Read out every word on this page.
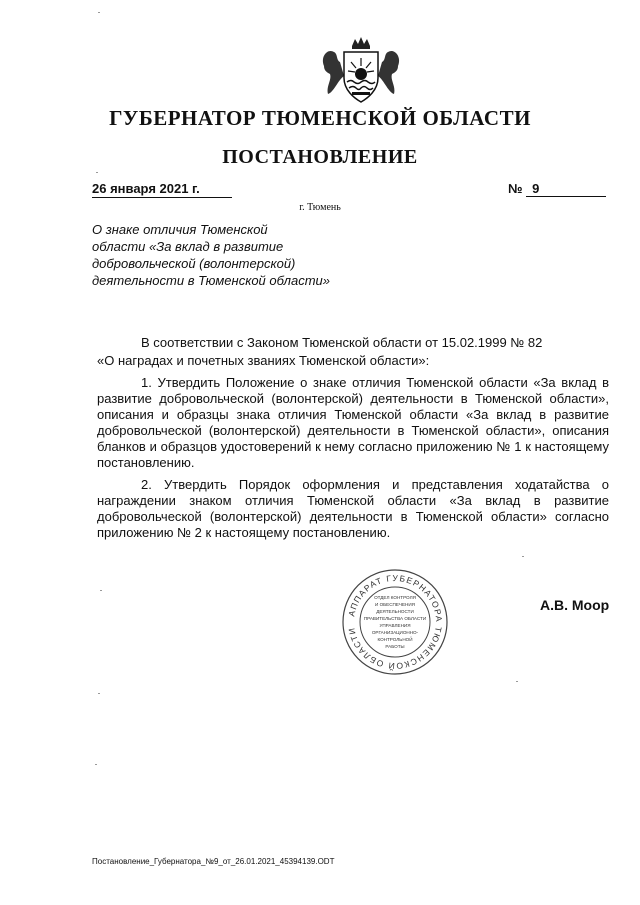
ГУБЕРНАТОР ТЮМЕНСКОЙ ОБЛАСТИ
ПОСТАНОВЛЕНИЕ
26 января 2021 г.	№ 9
г. Тюмень
О знаке отличия Тюменской
области «За вклад в развитие
добровольческой (волонтерской)
деятельности в Тюменской области»

В соответствии с Законом Тюменской области от 15.02.1999 № 82

«О наградах и почетных званиях Тюменской области»:

1. Утвердить Положение о знаке отличия Тюменской области «За вклад в развитие добровольческой (волонтерской) деятельности в Тюменской области», описания и образцы знака отличия Тюменской области «За вклад в развитие добровольческой (волонтерской) деятельности в Тюменской области», описания бланков и образцов удостоверений к нему согласно приложению № 1 к настоящему постановлению.

2. Утвердить Порядок оформления и представления ходатайства о награждении знаком отличия Тюменской области «За вклад в развитие добровольческой (волонтерской) деятельности в Тюменской области» согласно приложению № 2 к настоящему постановлению.

АППАРАТ ГУБЕРНАТОРА ТЮМЕНСКОЙ ОБЛАСТИ
ОТДЕЛ КОНТРОЛЯ
И ОБЕСПЕЧЕНИЯ
ДЕЯТЕЛЬНОСТИ
ПРАВИТЕЛЬСТВА ОБЛАСТИ
УПРАВЛЕНИЯ
ОРГАНИЗАЦИОННО-
КОНТРОЛЬНОЙ
РАБОТЫ
А.В. Моор
Постановление_Губернатора_№9_от_26.01.2021_45394139.ODT
